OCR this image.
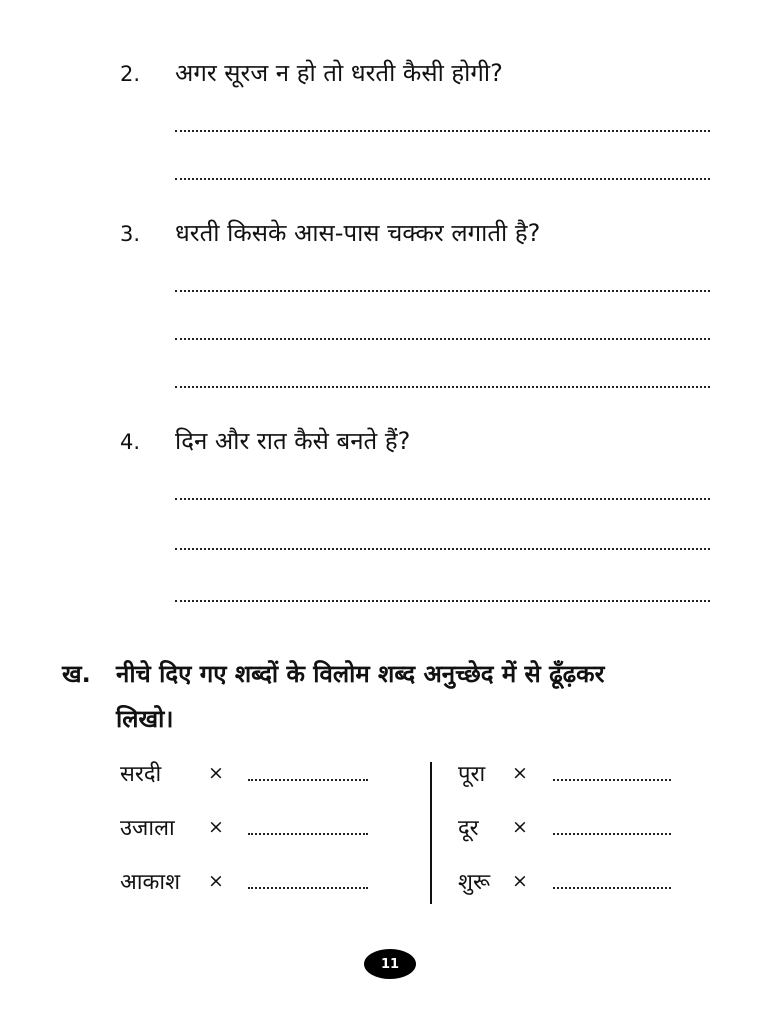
2. अगर सूरज न हो तो धरती कैसी होगी?
3. धरती किसके आस-पास चक्कर लगाती है?
4. दिन और रात कैसे बनते हैं?
ख. नीचे दिए गए शब्दों के विलोम शब्द अनुच्छेद में से ढूँढ़कर
लिखो।
सरदी ×
उजाला ×
आकाश ×
पूरा ×
दूर ×
शुरू ×
11
